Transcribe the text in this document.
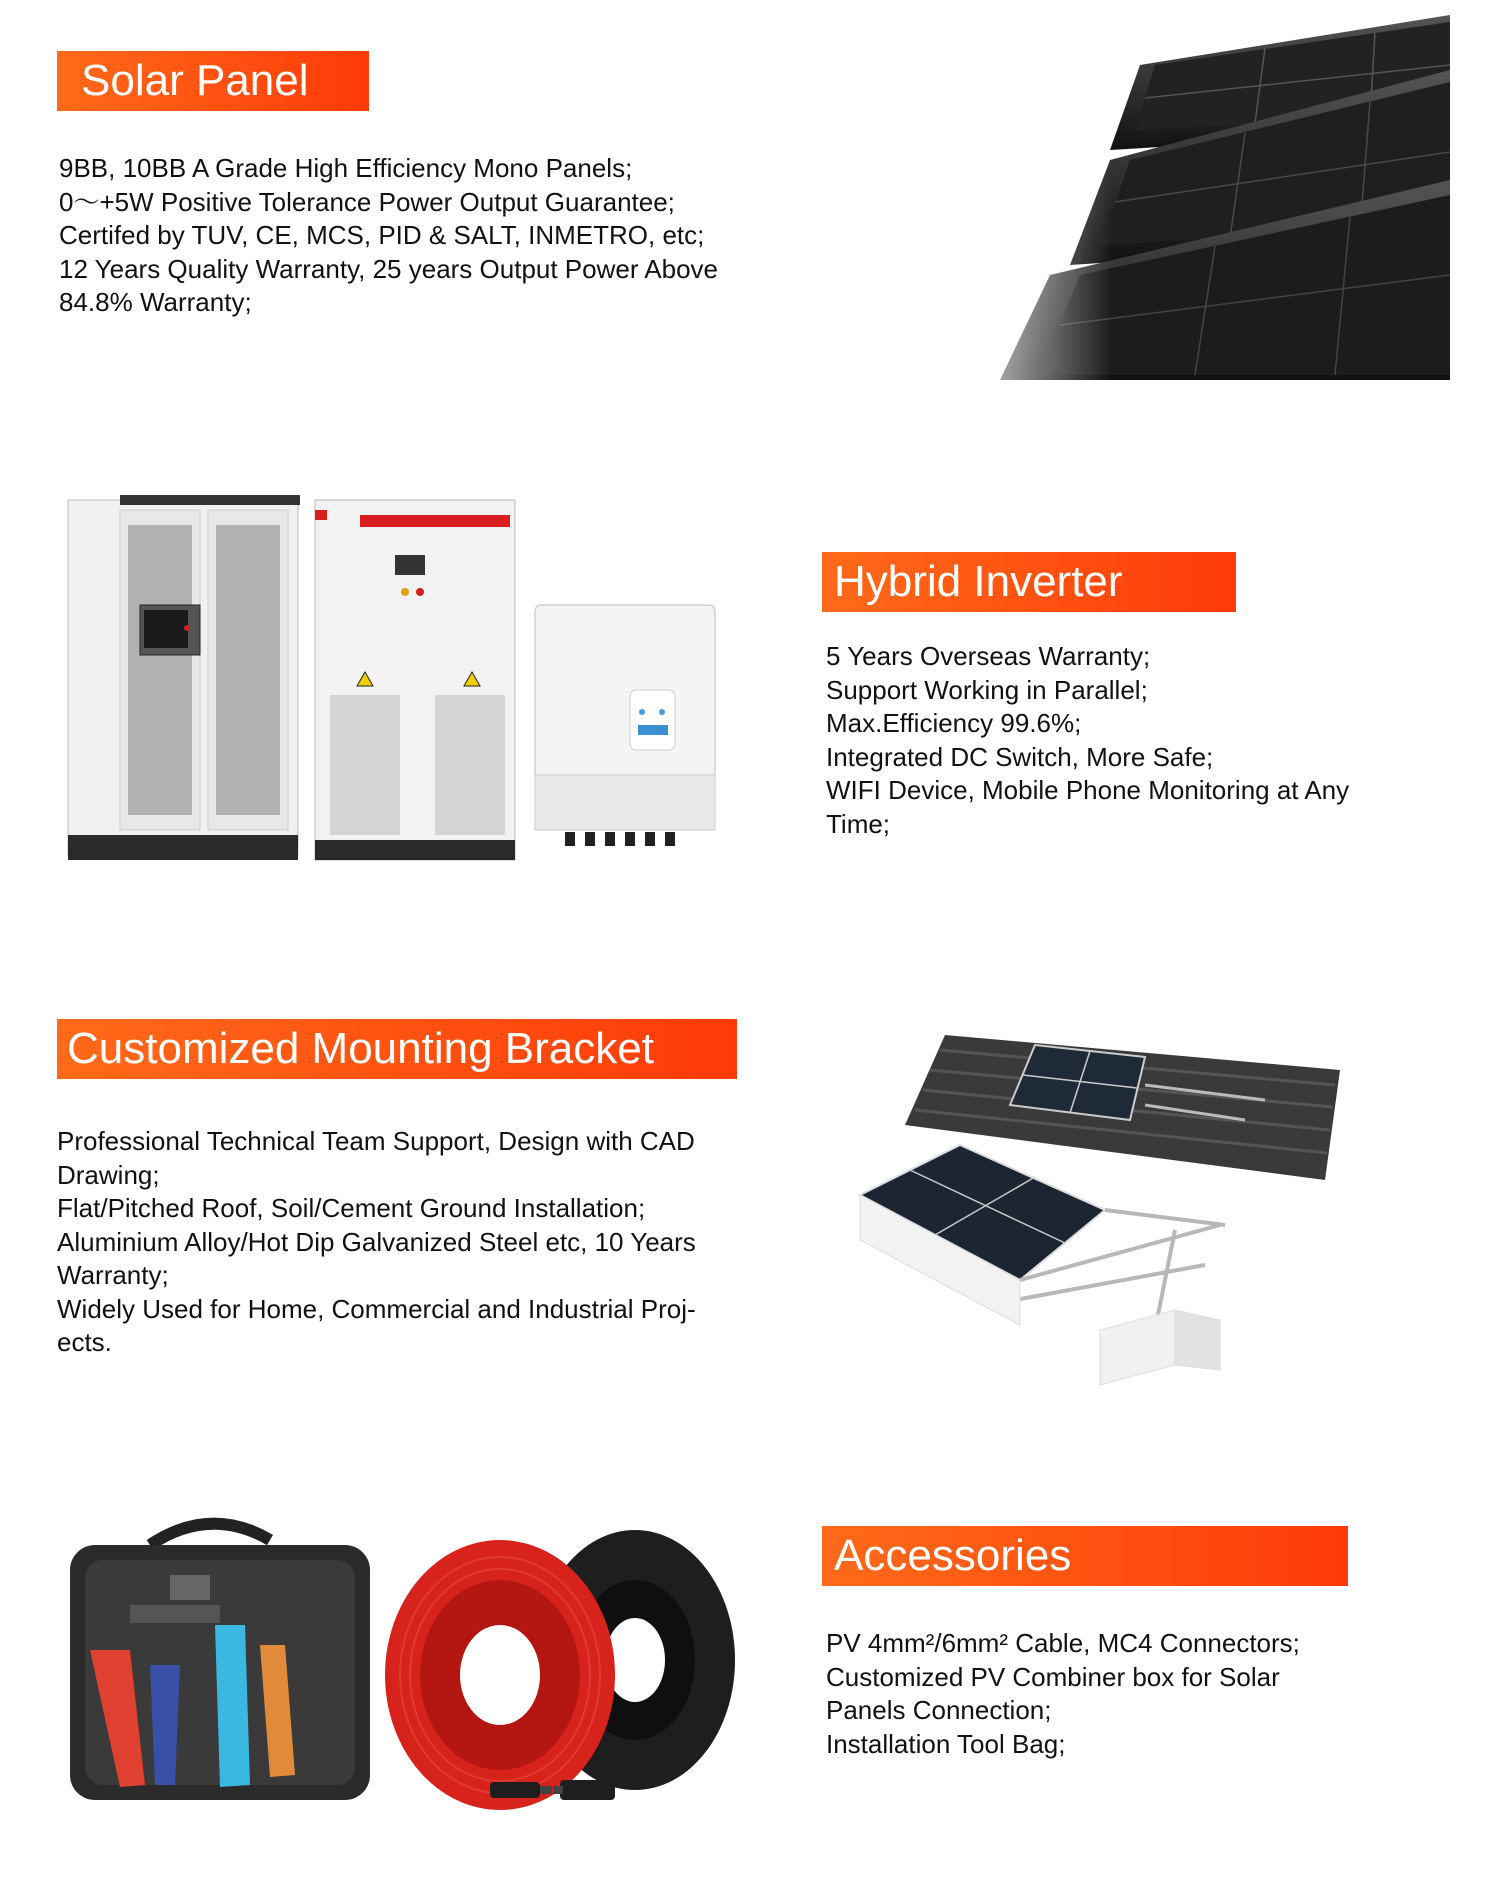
Solar Panel
9BB, 10BB A Grade High Efficiency Mono Panels;
0～+5W Positive Tolerance Power Output Guarantee;
Certifed by TUV, CE, MCS, PID & SALT, INMETRO, etc;
12 Years Quality Warranty, 25 years Output Power Above
84.8% Warranty;
Hybrid Inverter
5 Years Overseas Warranty;
Support Working in Parallel;
Max.Efficiency 99.6%;
Integrated DC Switch, More Safe;
WIFI Device, Mobile Phone Monitoring at Any
Time;
Customized Mounting Bracket
Professional Technical Team Support, Design with CAD
Drawing;
Flat/Pitched Roof, Soil/Cement Ground Installation;
Aluminium Alloy/Hot Dip Galvanized Steel etc, 10 Years
Warranty;
Widely Used for Home, Commercial and Industrial Proj-
ects.
Accessories
PV 4mm²/6mm² Cable, MC4 Connectors;
Customized PV Combiner box for Solar
Panels Connection;
Installation Tool Bag;
